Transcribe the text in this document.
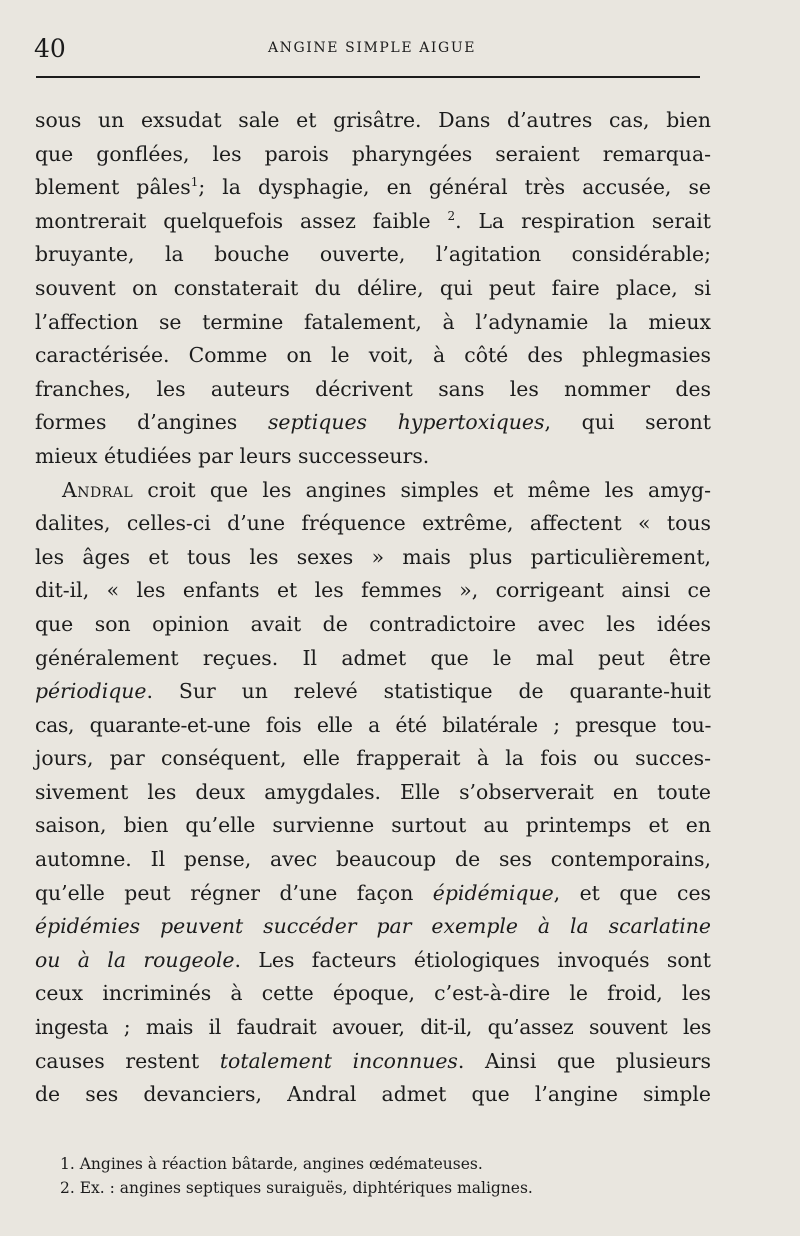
40	ANGINE SIMPLE AIGUE
sous un exsudat sale et grisâtre. Dans d’autres cas, bien
que gonflées, les parois pharyngées seraient remarqua-
blement pâles$^1$; la dysphagie, en général très accusée, se
montrerait quelquefois assez faible $^2$. La respiration serait
bruyante, la bouche ouverte, l’agitation considérable;
souvent on constaterait du délire, qui peut faire place, si
l’affection se termine fatalement, à l’adynamie la mieux
caractérisée. Comme on le voit, à côté des phlegmasies
franches, les auteurs décrivent sans les nommer des
formes d’angines septiques hypertoxiques, qui seront
mieux étudiées par leurs successeurs.
Andral croit que les angines simples et même les amyg-
dalites, celles-ci d’une fréquence extrême, affectent « tous
les âges et tous les sexes » mais plus particulièrement,
dit-il, « les enfants et les femmes », corrigeant ainsi ce
que son opinion avait de contradictoire avec les idées
généralement reçues. Il admet que le mal peut être
périodique. Sur un relevé statistique de quarante-huit
cas, quarante-et-une fois elle a été bilatérale ; presque tou-
jours, par conséquent, elle frapperait à la fois ou succes-
sivement les deux amygdales. Elle s’observerait en toute
saison, bien qu’elle survienne surtout au printemps et en
automne. Il pense, avec beaucoup de ses contemporains,
qu’elle peut régner d’une façon épidémique, et que ces
épidémies peuvent succéder par exemple à la scarlatine
ou à la rougeole. Les facteurs étiologiques invoqués sont
ceux incriminés à cette époque, c’est-à-dire le froid, les
ingesta ; mais il faudrait avouer, dit-il, qu’assez souvent les
causes restent totalement inconnues. Ainsi que plusieurs
de ses devanciers, Andral admet que l’angine simple
1. Angines à réaction bâtarde, angines œdémateuses.
2. Ex. : angines septiques suraiguës, diphtériques malignes.
